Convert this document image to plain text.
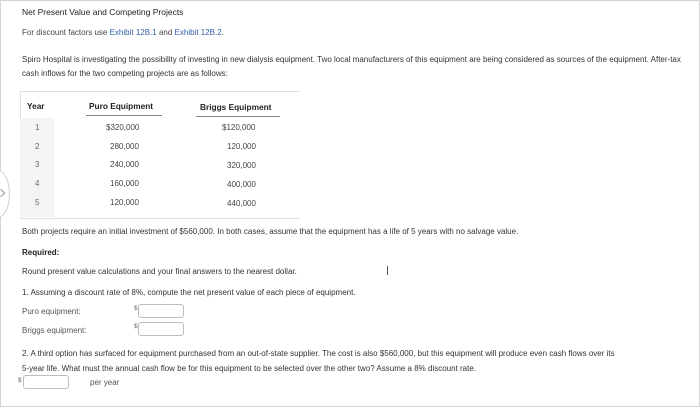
Net Present Value and Competing Projects
For discount factors use Exhibit 12B.1 and Exhibit 12B.2.
Spiro Hospital is investigating the possibility of investing in new dialysis equipment. Two local manufacturers of this equipment are being considered as sources of the equipment. After-tax cash inflows for the two competing projects are as follows:
Year	Puro Equipment	Briggs Equipment
1	$320,000	$120,000
2	280,000	120,000
3	240,000	320,000
4	160,000	400,000
5	120,000	440,000
Both projects require an initial investment of $560,000. In both cases, assume that the equipment has a life of 5 years with no salvage value.
Required:
Round present value calculations and your final answers to the nearest dollar.
1. Assuming a discount rate of 8%, compute the net present value of each piece of equipment.
Puro equipment:	$
Briggs equipment:	$
2. A third option has surfaced for equipment purchased from an out-of-state supplier. The cost is also $560,000, but this equipment will produce even cash flows over its
5-year life. What must the annual cash flow be for this equipment to be selected over the other two? Assume a 8% discount rate.
$	per year
